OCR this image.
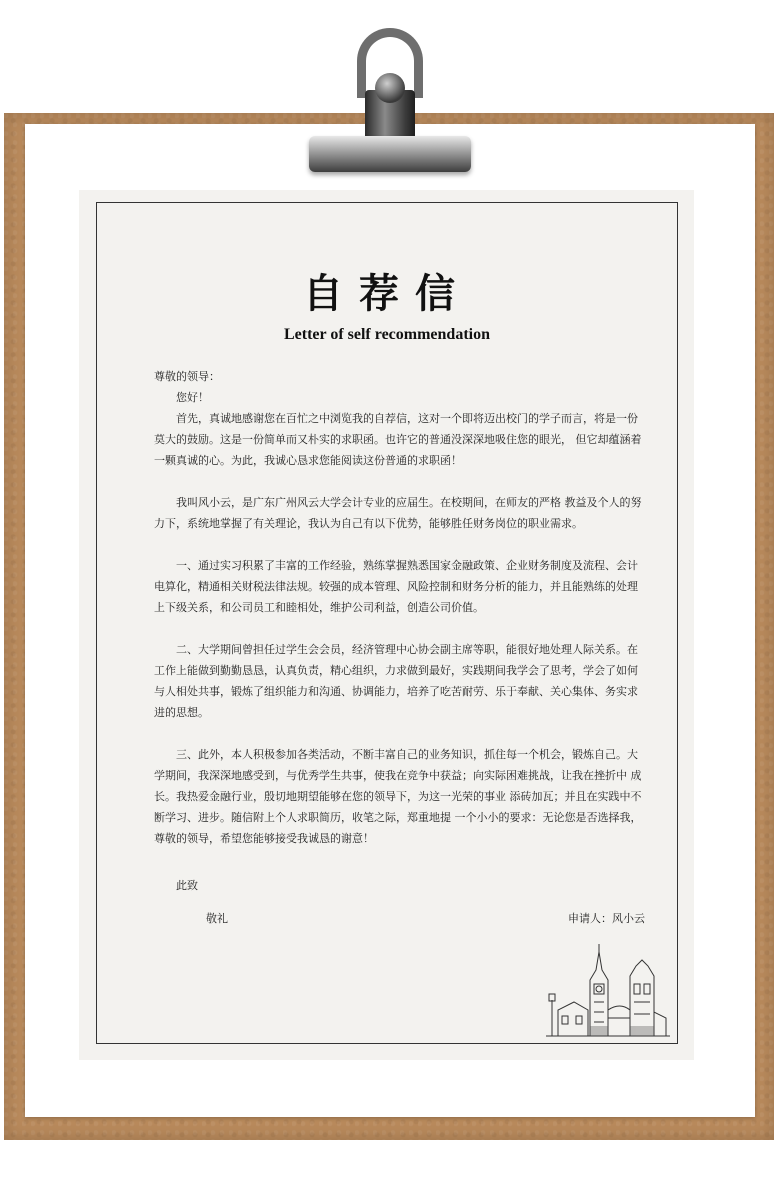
自荐信
Letter of self recommendation

尊敬的领导：

您好！

首先，真诚地感谢您在百忙之中浏览我的自荐信，这对一个即将迈出校门的学子而言，将是一份莫大的鼓励。这是一份简单而又朴实的求职函。也许它的普通没深深地吸住您的眼光， 但它却蕴涵着一颗真诚的心。为此，我诚心恳求您能阅读这份普通的求职函！

我叫风小云，是广东广州风云大学会计专业的应届生。在校期间，在师友的严格 教益及个人的努力下，系统地掌握了有关理论，我认为自己有以下优势，能够胜任财务岗位的职业需求。

一、通过实习积累了丰富的工作经验，熟练掌握熟悉国家金融政策、企业财务制度及流程、会计电算化，精通相关财税法律法规。较强的成本管理、风险控制和财务分析的能力，并且能熟练的处理上下级关系，和公司员工和睦相处，维护公司利益，创造公司价值。

二、大学期间曾担任过学生会会员，经济管理中心协会副主席等职，能很好地处理人际关系。在工作上能做到勤勤恳恳，认真负责，精心组织，力求做到最好，实践期间我学会了思考，学会了如何与人相处共事，锻炼了组织能力和沟通、协调能力，培养了吃苦耐劳、乐于奉献、关心集体、务实求进的思想。

三、此外，本人积极参加各类活动，不断丰富自己的业务知识，抓住每一个机会，锻炼自己。大学期间，我深深地感受到，与优秀学生共事，使我在竞争中获益；向实际困难挑战，让我在挫折中 成长。我热爱金融行业，殷切地期望能够在您的领导下，为这一光荣的事业 添砖加瓦；并且在实践中不断学习、进步。随信附上个人求职简历，收笔之际，郑重地提 一个小小的要求：无论您是否选择我，尊敬的领导，希望您能够接受我诚恳的谢意！

此致
敬礼	申请人：风小云
